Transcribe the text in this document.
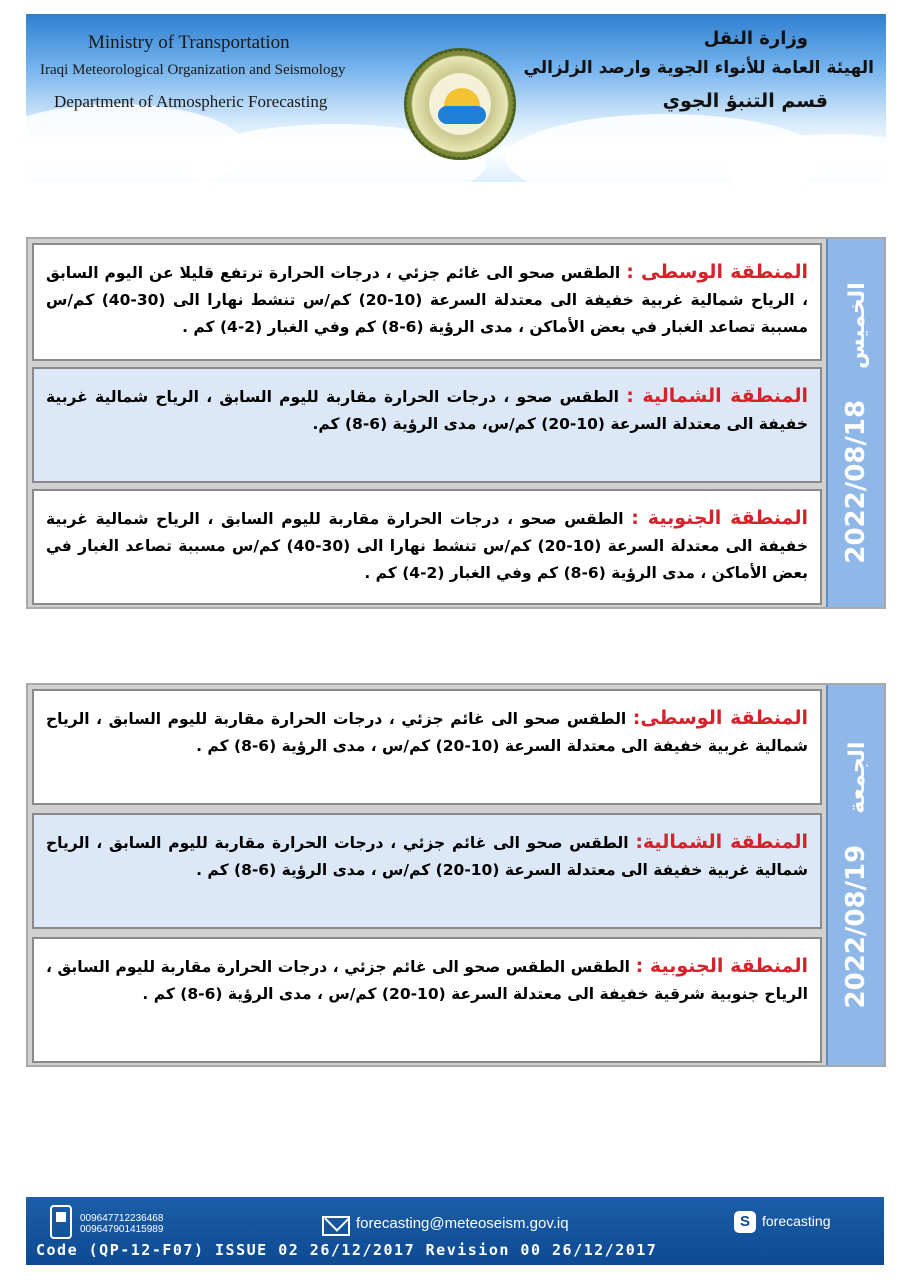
Ministry of Transportation
Iraqi Meteorological Organization and Seismology
Department of Atmospheric Forecasting
وزارة النقل
الهيئة العامة للأنواء الجوية وارصد الزلزالي
قسم التنبؤ الجوي
الخميس 2022/08/18
المنطقة الوسطى : الطقس صحو الى غائم جزئي ، درجات الحرارة ترتفع قليلا عن اليوم السابق ، الرياح شمالية غربية خفيفة الى معتدلة السرعة (10-20) كم/س تنشط نهارا الى (30-40) كم/س مسببة تصاعد الغبار في بعض الأماكن ، مدى الرؤية (6-8) كم وفي الغبار (2-4) كم .
المنطقة الشمالية : الطقس صحو ، درجات الحرارة مقاربة لليوم السابق ، الرياح شمالية غربية خفيفة الى معتدلة السرعة (10-20) كم/س، مدى الرؤية (6-8) كم.
المنطقة الجنوبية : الطقس صحو ، درجات الحرارة مقاربة لليوم السابق ، الرياح شمالية غربية خفيفة الى معتدلة السرعة (10-20) كم/س تنشط نهارا الى (30-40) كم/س مسببة تصاعد الغبار في بعض الأماكن ، مدى الرؤية (6-8) كم وفي الغبار (2-4) كم .
الجمعة 2022/08/19
المنطقة الوسطى: الطقس صحو الى غائم جزئي ، درجات الحرارة مقاربة لليوم السابق ، الرياح شمالية غربية خفيفة الى معتدلة السرعة (10-20) كم/س ، مدى الرؤية (6-8) كم .
المنطقة الشمالية: الطقس صحو الى غائم جزئي ، درجات الحرارة مقاربة لليوم السابق ، الرياح شمالية غربية خفيفة الى معتدلة السرعة (10-20) كم/س ، مدى الرؤية (6-8) كم .
المنطقة الجنوبية : الطقس الطقس صحو الى غائم جزئي ، درجات الحرارة مقاربة لليوم السابق ، الرياح جنوبية شرقية خفيفة الى معتدلة السرعة (10-20) كم/س ، مدى الرؤية (6-8) كم .
009647712236468
009647901415989	forecasting@meteoseism.gov.iq	S forecasting
Code (QP-12-F07) ISSUE 02 26/12/2017 Revision 00 26/12/2017
